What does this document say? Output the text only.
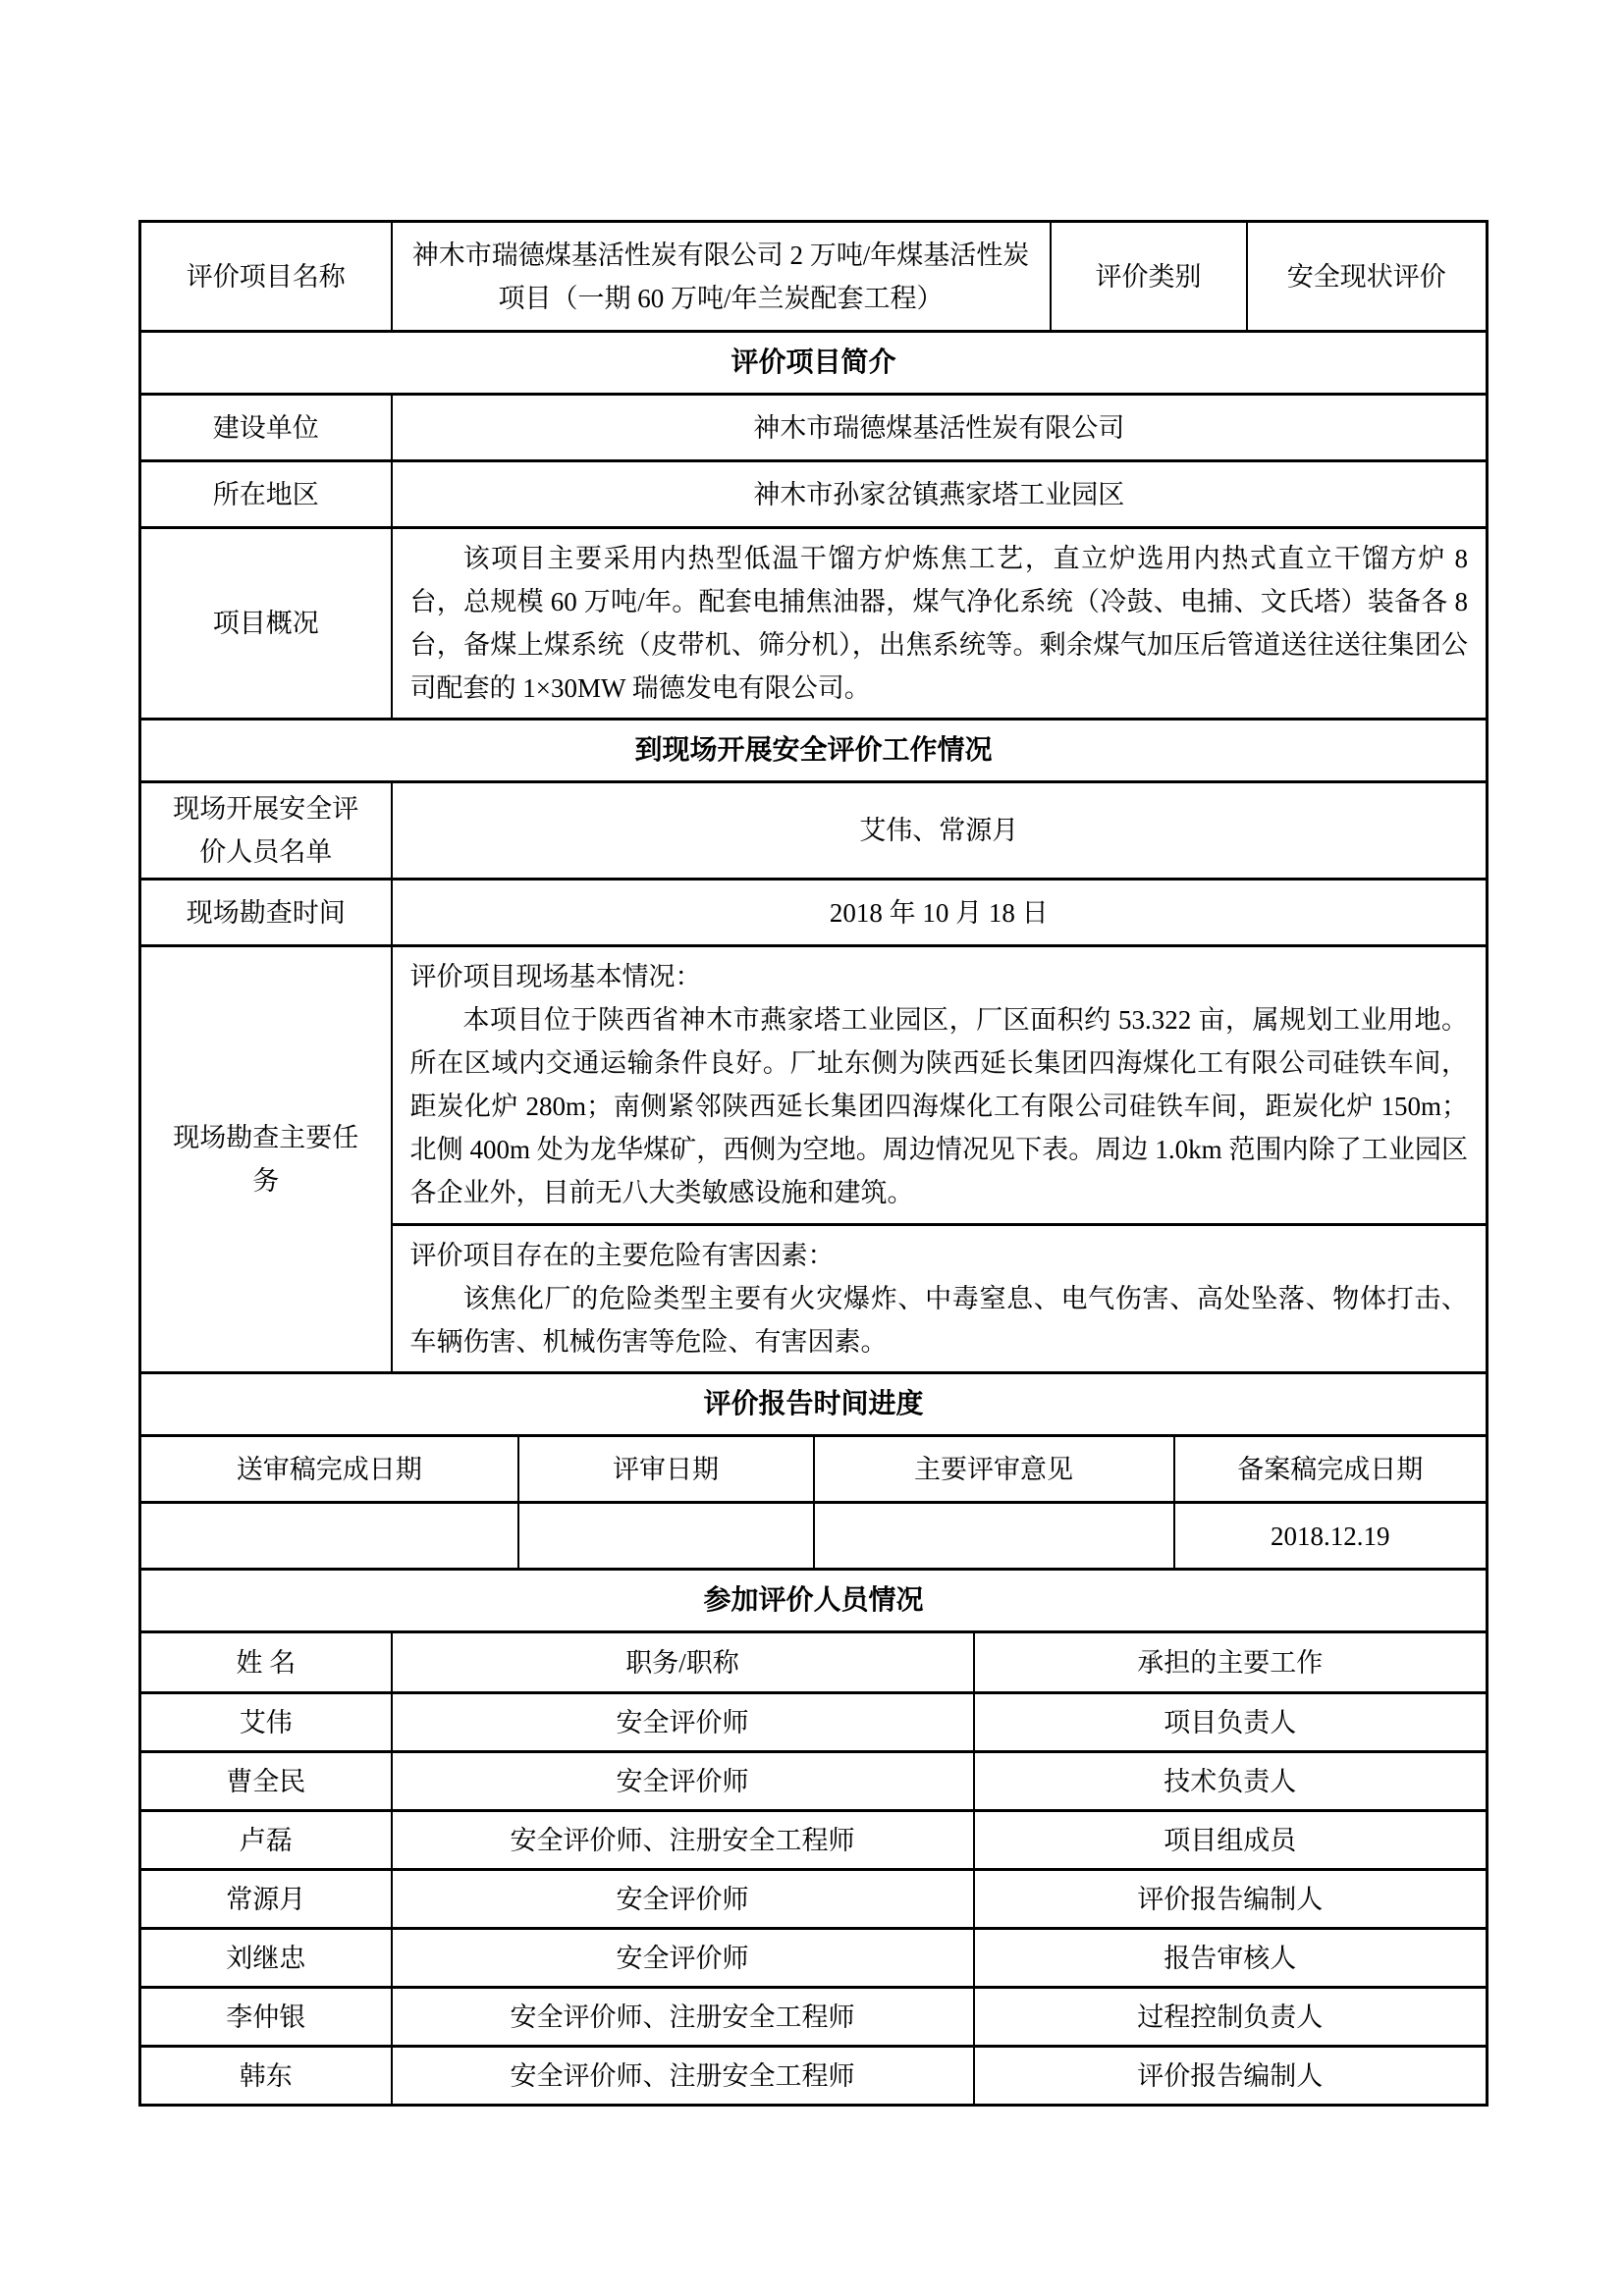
评价项目名称	神木市瑞德煤基活性炭有限公司 2 万吨/年煤基活性炭项目（一期 60 万吨/年兰炭配套工程）				评价类别		安全现状评价
评价项目简介							
建设单位	神木市瑞德煤基活性炭有限公司						
所在地区	神木市孙家岔镇燕家塔工业园区						
项目概况	该项目主要采用内热型低温干馏方炉炼焦工艺，直立炉选用内热式直立干馏方炉 8 台，总规模 60 万吨/年。配套电捕焦油器，煤气净化系统（冷鼓、电捕、文氏塔）装备各 8 台，备煤上煤系统（皮带机、筛分机），出焦系统等。剩余煤气加压后管道送往送往集团公司配套的 1×30MW 瑞德发电有限公司。						

到现场开展安全评价工作情况							
现场开展安全评价人员名单	艾伟、常源月						
现场勘查时间	2018 年 10 月 18 日						
现场勘查主要任务	评价项目现场基本情况：
本项目位于陕西省神木市燕家塔工业园区，厂区面积约 53.322 亩，属规划工业用地。所在区域内交通运输条件良好。厂址东侧为陕西延长集团四海煤化工有限公司硅铁车间，距炭化炉 280m；南侧紧邻陕西延长集团四海煤化工有限公司硅铁车间，距炭化炉 150m；北侧 400m 处为龙华煤矿，西侧为空地。周边情况见下表。周边 1.0km 范围内除了工业园区各企业外，目前无八大类敏感设施和建筑。						

	评价项目存在的主要危险有害因素：
该焦化厂的危险类型主要有火灾爆炸、中毒窒息、电气伤害、高处坠落、物体打击、车辆伤害、机械伤害等危险、有害因素。						

评价报告时间进度							
送审稿完成日期		评审日期	主要评审意见			备案稿完成日期	
						2018.12.19	
参加评价人员情况							
姓 名	职务/职称			承担的主要工作			
艾伟	安全评价师			项目负责人			
曹全民	安全评价师			技术负责人			
卢磊	安全评价师、注册安全工程师			项目组成员			
常源月	安全评价师			评价报告编制人			
刘继忠	安全评价师			报告审核人			
李仲银	安全评价师、注册安全工程师			过程控制负责人			
韩东	安全评价师、注册安全工程师			评价报告编制人			
